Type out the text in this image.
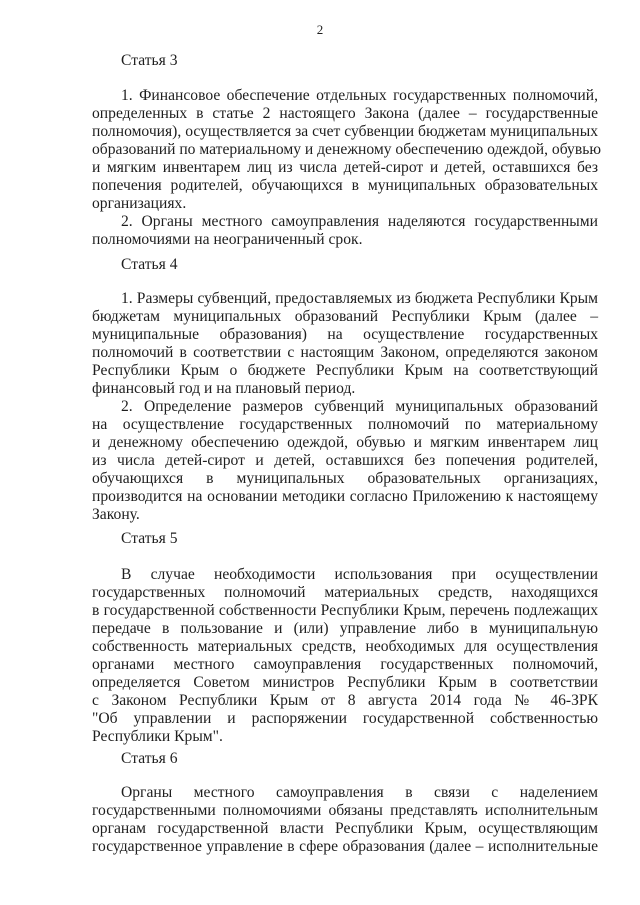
2
Статья 3
1. Финансовое обеспечение отдельных государственных полномочий,
определенных в статье 2 настоящего Закона (далее – государственные
полномочия), осуществляется за счет субвенции бюджетам муниципальных
образований по материальному и денежному обеспечению одеждой, обувью
и мягким инвентарем лиц из числа детей-сирот и детей, оставшихся без
попечения родителей, обучающихся в муниципальных образовательных
организациях.
2. Органы местного самоуправления наделяются государственными
полномочиями на неограниченный срок.
Статья 4
1. Размеры субвенций, предоставляемых из бюджета Республики Крым
бюджетам муниципальных образований Республики Крым (далее –
муниципальные образования) на осуществление государственных
полномочий в соответствии с настоящим Законом, определяются законом
Республики Крым о бюджете Республики Крым на соответствующий
финансовый год и на плановый период.
2. Определение размеров субвенций муниципальных образований
на осуществление государственных полномочий по материальному
и денежному обеспечению одеждой, обувью и мягким инвентарем лиц
из числа детей-сирот и детей, оставшихся без попечения родителей,
обучающихся в муниципальных образовательных организациях,
производится на основании методики согласно Приложению к настоящему
Закону.
Статья 5
В случае необходимости использования при осуществлении
государственных полномочий материальных средств, находящихся
в государственной собственности Республики Крым, перечень подлежащих
передаче в пользование и (или) управление либо в муниципальную
собственность материальных средств, необходимых для осуществления
органами местного самоуправления государственных полномочий,
определяется Советом министров Республики Крым в соответствии
с Законом Республики Крым от 8 августа 2014 года № 46-ЗРК
"Об управлении и распоряжении государственной собственностью
Республики Крым".
Статья 6
Органы местного самоуправления в связи с наделением
государственными полномочиями обязаны представлять исполнительным
органам государственной власти Республики Крым, осуществляющим
государственное управление в сфере образования (далее – исполнительные
